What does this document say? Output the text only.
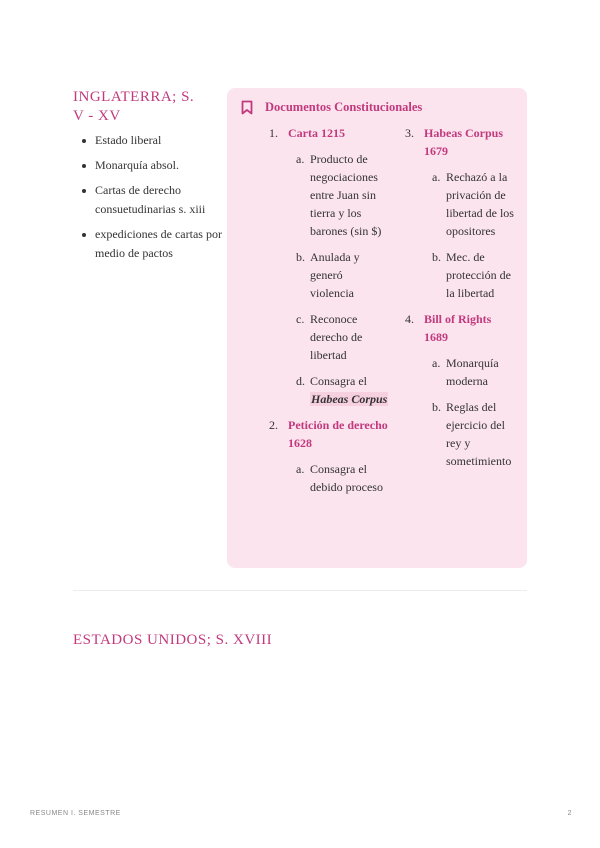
INGLATERRA; S. V - XV
Estado liberal
Monarquía absol.
Cartas de derecho consuetudinarias s. xiii
expediciones de cartas por medio de pactos
Documentos Constitucionales
1. Carta 1215
a. Producto de negociaciones entre Juan sin tierra y los barones (sin $)
b. Anulada y generó violencia
c. Reconoce derecho de libertad
d. Consagra el Habeas Corpus
2. Petición de derecho 1628
a. Consagra el debido proceso
3. Habeas Corpus 1679
a. Rechazó a la privación de libertad de los opositores
b. Mec. de protección de la libertad
4. Bill of Rights 1689
a. Monarquía moderna
b. Reglas del ejercicio del rey y sometimiento
ESTADOS UNIDOS; S. XVIII
RESUMEN I. SEMESTRE	2
